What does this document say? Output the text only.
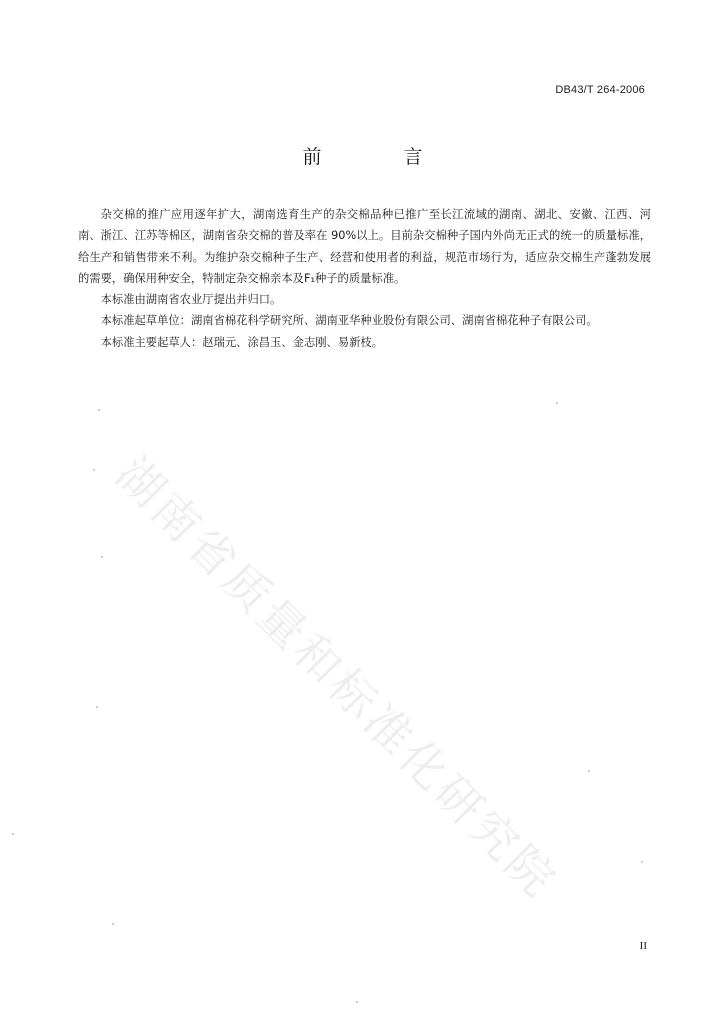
湖南省质量和标准化研究院
DB43/T 264-2006
前 言

杂交棉的推广应用逐年扩大，湖南选育生产的杂交棉品种已推广至长江流域的湖南、湖北、安徽、江西、河南、浙江、江苏等棉区，湖南省杂交棉的普及率在 90%以上。目前杂交棉种子国内外尚无正式的统一的质量标准，给生产和销售带来不利。为维护杂交棉种子生产、经营和使用者的利益，规范市场行为，适应杂交棉生产蓬勃发展的需要，确保用种安全，特制定杂交棉亲本及F₁种子的质量标准。

本标准由湖南省农业厅提出并归口。

本标准起草单位：湖南省棉花科学研究所、湖南亚华种业股份有限公司、湖南省棉花种子有限公司。

本标准主要起草人：赵瑞元、涂昌玉、金志刚、易新枝。

II
